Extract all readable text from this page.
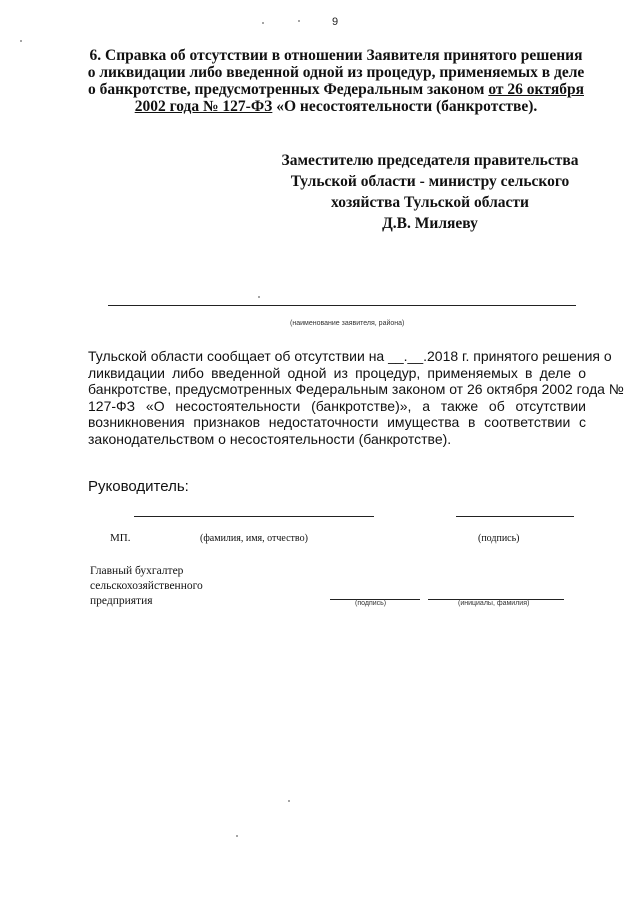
9
6. Справка об отсутствии в отношении Заявителя принятого решения о ликвидации либо введенной одной из процедур, применяемых в деле о банкротстве, предусмотренных Федеральным законом от 26 октября 2002 года № 127-ФЗ «О несостоятельности (банкротстве).
Заместителю председателя правительства
Тульской области - министру сельского
хозяйства Тульской области
Д.В. Миляеву
(наименование заявителя, района)
Тульской области сообщает об отсутствии на __.__.2018 г. принятого решения о
ликвидации либо введенной одной из процедур, применяемых в деле о
банкротстве, предусмотренных Федеральным законом от 26 октября 2002 года №
127-ФЗ «О несостоятельности (банкротстве)», а также об отсутствии
возникновения признаков недостаточности имущества в соответствии с
законодательством о несостоятельности (банкротстве).
Руководитель:
МП.	(фамилия, имя, отчество)	(подпись)
Главный бухгалтер
сельскохозяйственного
предприятия	(подпись)	(инициалы, фамилия)
